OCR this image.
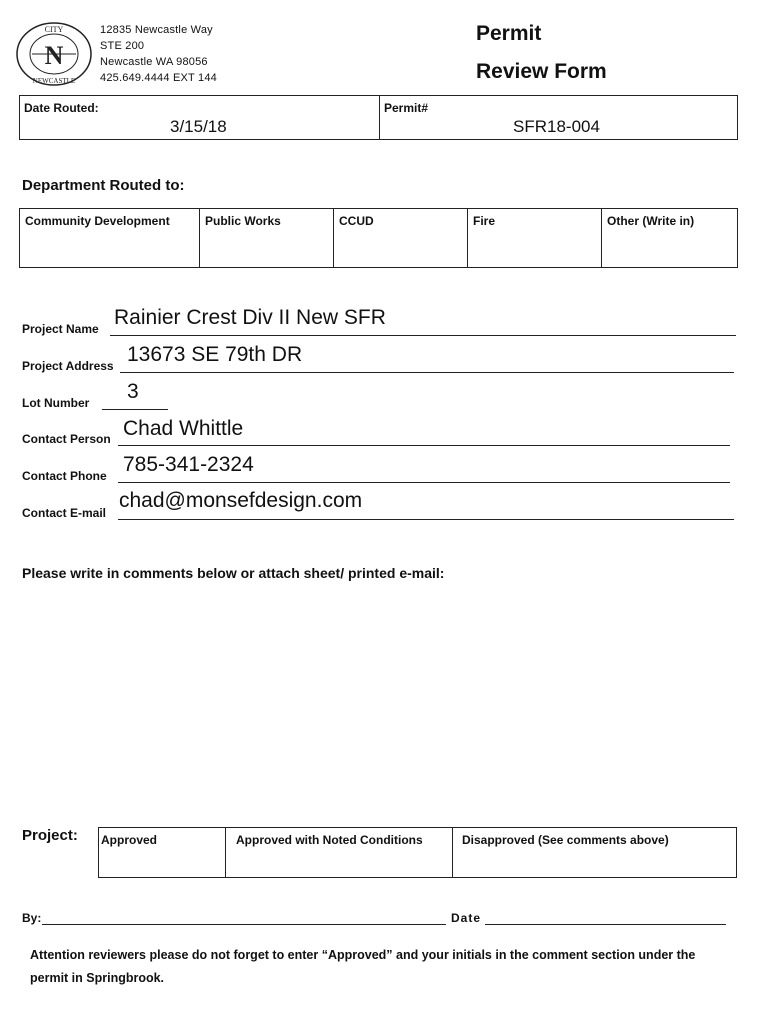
N
CITY
NEWCASTLE
12835 Newcastle Way
STE 200
Newcastle WA 98056
425.649.4444 EXT 144
Permit
Review Form
Date Routed:
3/15/18
Permit#
SFR18-004
Department Routed to:
Community Development	Public Works	CCUD	Fire	Other (Write in)
Project Name Rainier Crest Div II New SFR
Project Address 13673 SE 79th DR
Lot Number 3
Contact Person Chad Whittle
Contact Phone 785-341-2324
Contact E-mail
chad@monsefdesign.com
Please write in comments below or attach sheet/ printed e-mail:
Project: Approved	Approved with Noted Conditions	Disapproved (See comments above)
By:	Date
Attention reviewers please do not forget to enter “Approved” and your initials in the comment section under the permit in Springbrook.
